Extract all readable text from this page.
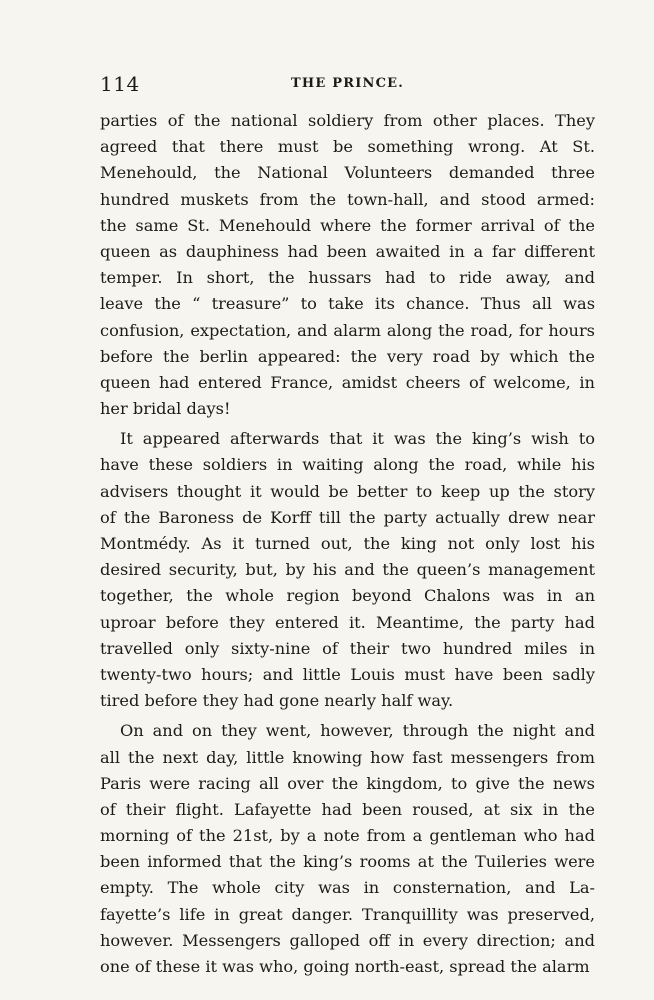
114	THE PRINCE.
parties of the national soldiery from other places. They
agreed that there must be something wrong. At St.
Menehould, the National Volunteers demanded three
hundred muskets from the town-hall, and stood armed:
the same St. Menehould where the former arrival of the
queen as dauphiness had been awaited in a far different
temper. In short, the hussars had to ride away, and
leave the “ treasure” to take its chance. Thus all was
confusion, expectation, and alarm along the road, for hours
before the berlin appeared: the very road by which the
queen had entered France, amidst cheers of welcome, in
her bridal days!
It appeared afterwards that it was the king’s wish to
have these soldiers in waiting along the road, while his
advisers thought it would be better to keep up the story
of the Baroness de Korff till the party actually drew near
Montmédy. As it turned out, the king not only lost his
desired security, but, by his and the queen’s management
together, the whole region beyond Chalons was in an
uproar before they entered it. Meantime, the party had
travelled only sixty-nine of their two hundred miles in
twenty-two hours; and little Louis must have been sadly
tired before they had gone nearly half way.
On and on they went, however, through the night and
all the next day, little knowing how fast messengers from
Paris were racing all over the kingdom, to give the news
of their flight. Lafayette had been roused, at six in the
morning of the 21st, by a note from a gentleman who had
been informed that the king’s rooms at the Tuileries were
empty. The whole city was in consternation, and La-
fayette’s life in great danger. Tranquillity was preserved,
however. Messengers galloped off in every direction; and
one of these it was who, going north-east, spread the alarm
